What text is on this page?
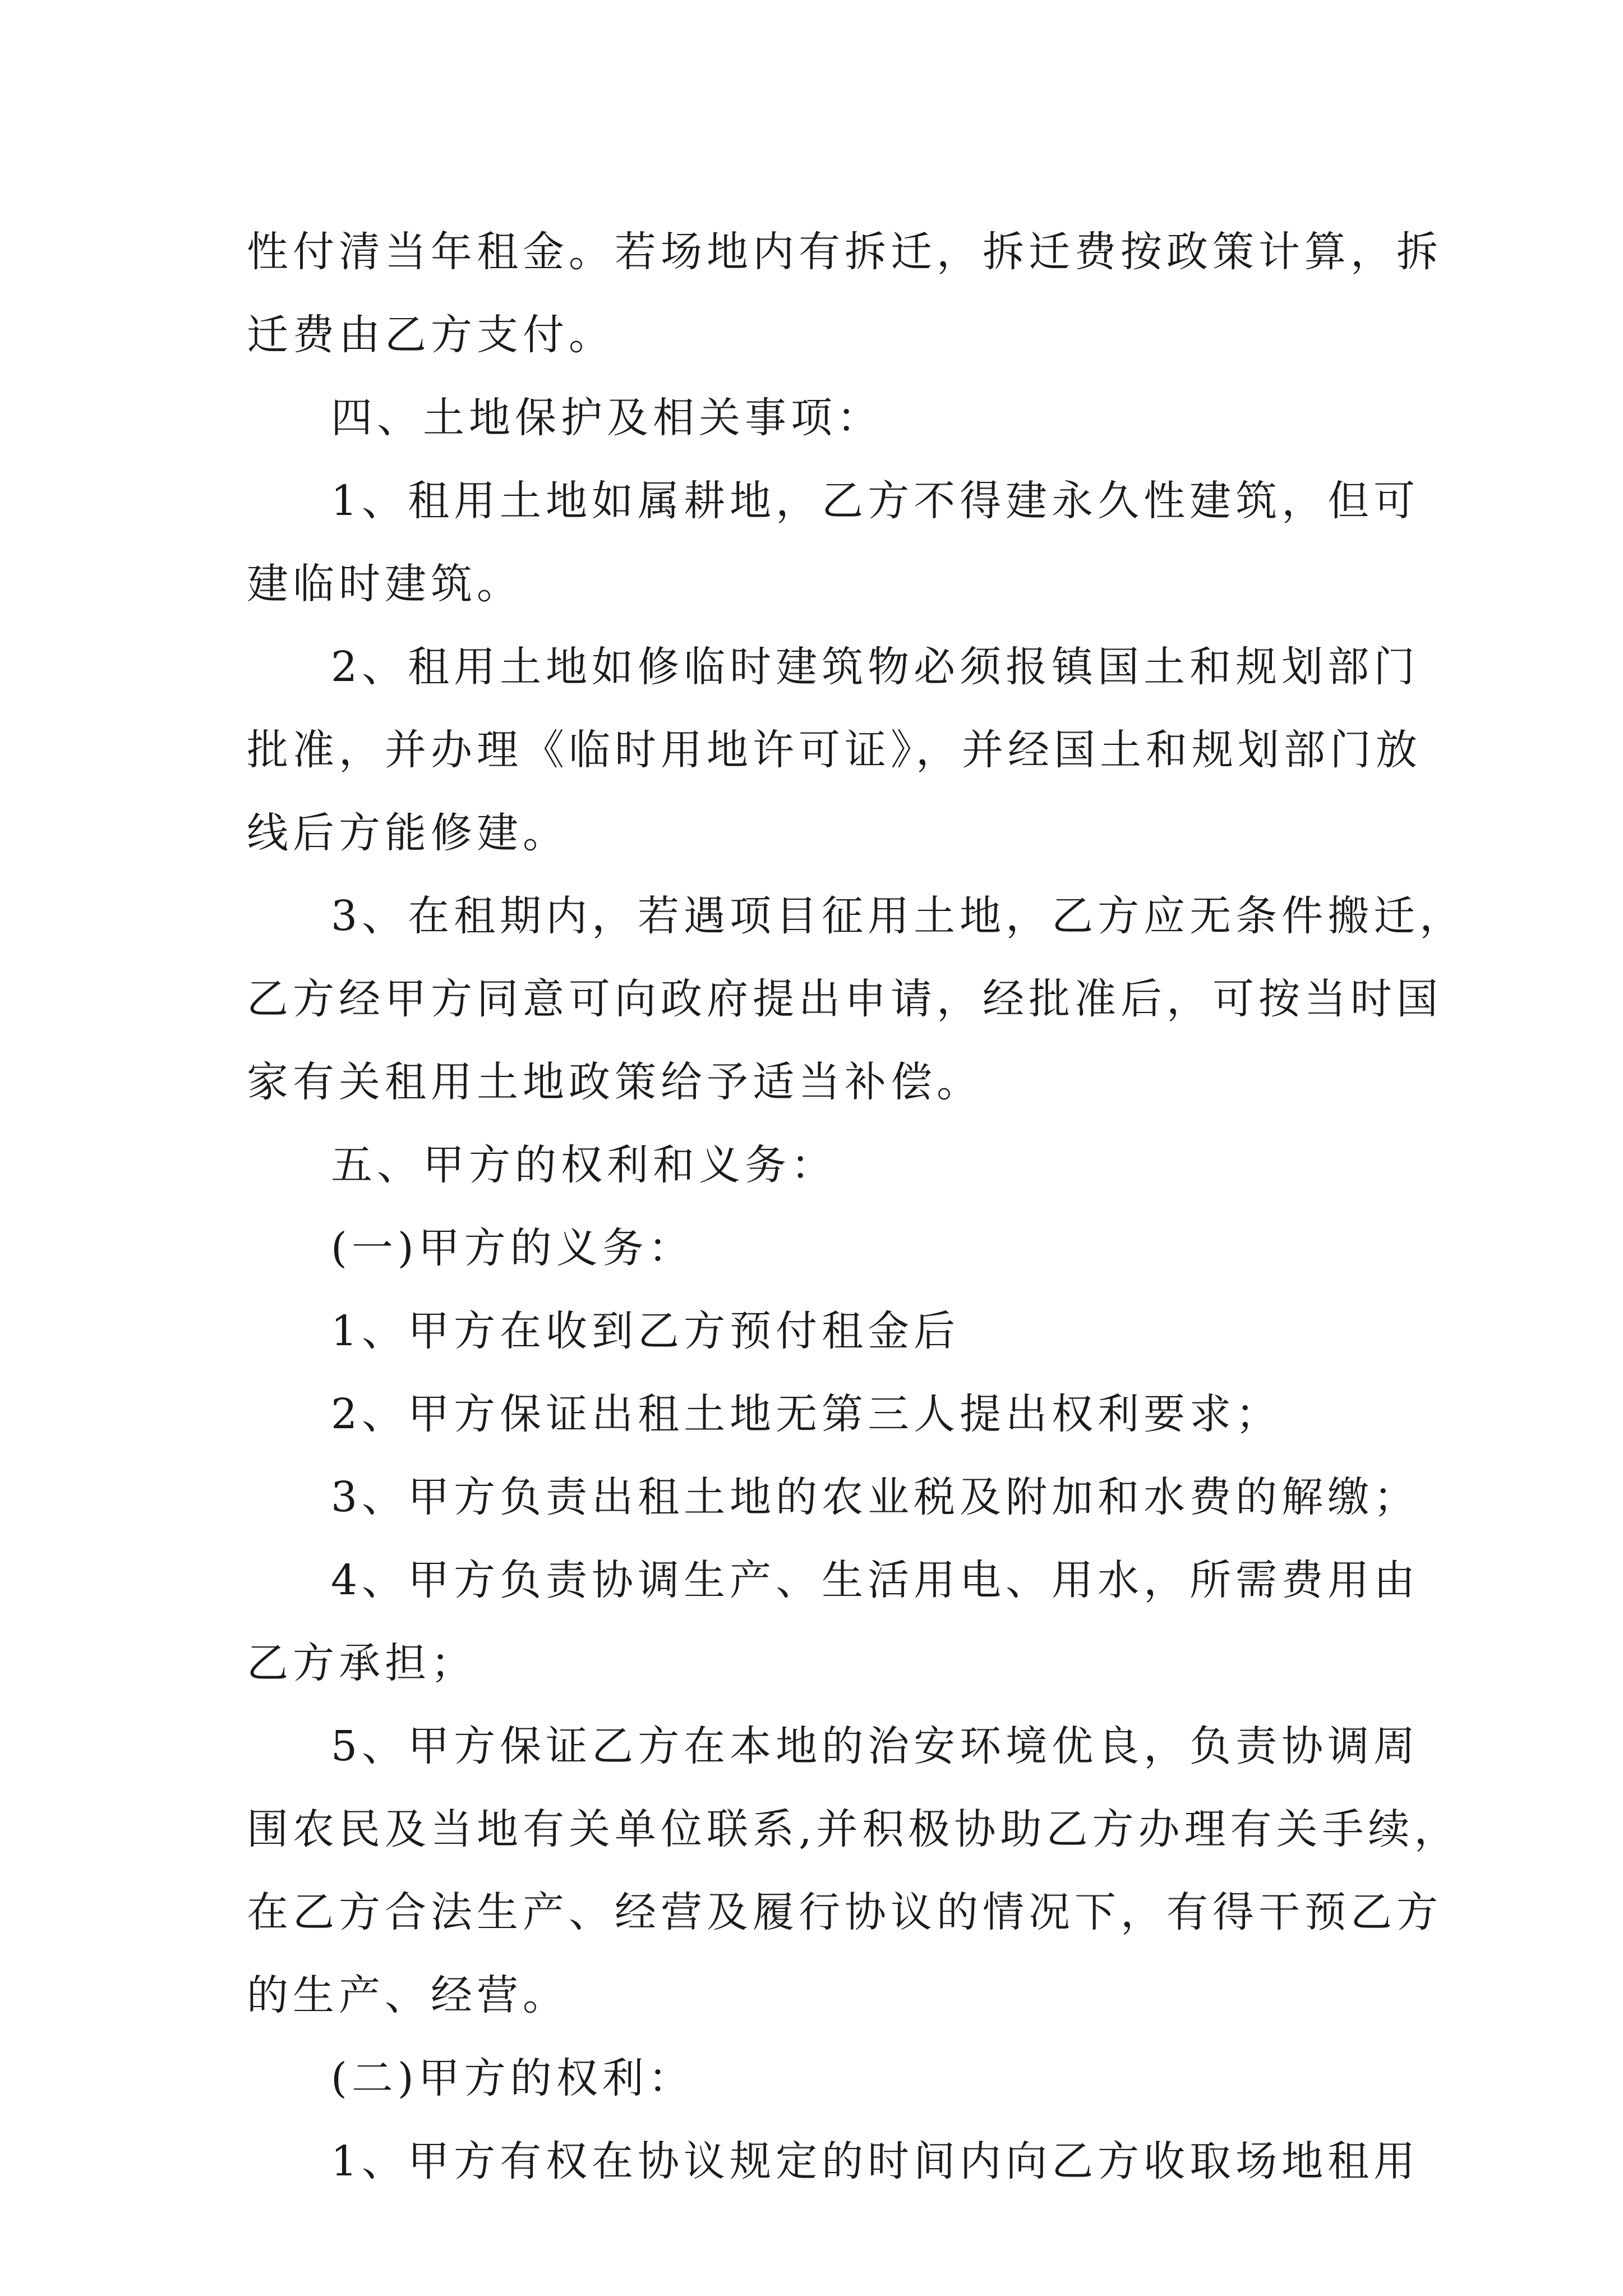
性付清当年租金。若场地内有拆迁，拆迁费按政策计算，拆
迁费由乙方支付。
四、土地保护及相关事项：
1、租用土地如属耕地，乙方不得建永久性建筑，但可
建临时建筑。
2、租用土地如修临时建筑物必须报镇国土和规划部门
批准，并办理《临时用地许可证》，并经国土和规划部门放
线后方能修建。
3、在租期内，若遇项目征用土地，乙方应无条件搬迁，
乙方经甲方同意可向政府提出申请，经批准后，可按当时国
家有关租用土地政策给予适当补偿。
五、甲方的权利和义务：
(一)甲方的义务：
1、甲方在收到乙方预付租金后
2、甲方保证出租土地无第三人提出权利要求；
3、甲方负责出租土地的农业税及附加和水费的解缴；
4、甲方负责协调生产、生活用电、用水，所需费用由
乙方承担；
5、甲方保证乙方在本地的治安环境优良，负责协调周
围农民及当地有关单位联系,并积极协助乙方办理有关手续，
在乙方合法生产、经营及履行协议的情况下，有得干预乙方
的生产、经营。
(二)甲方的权利：
1、甲方有权在协议规定的时间内向乙方收取场地租用
